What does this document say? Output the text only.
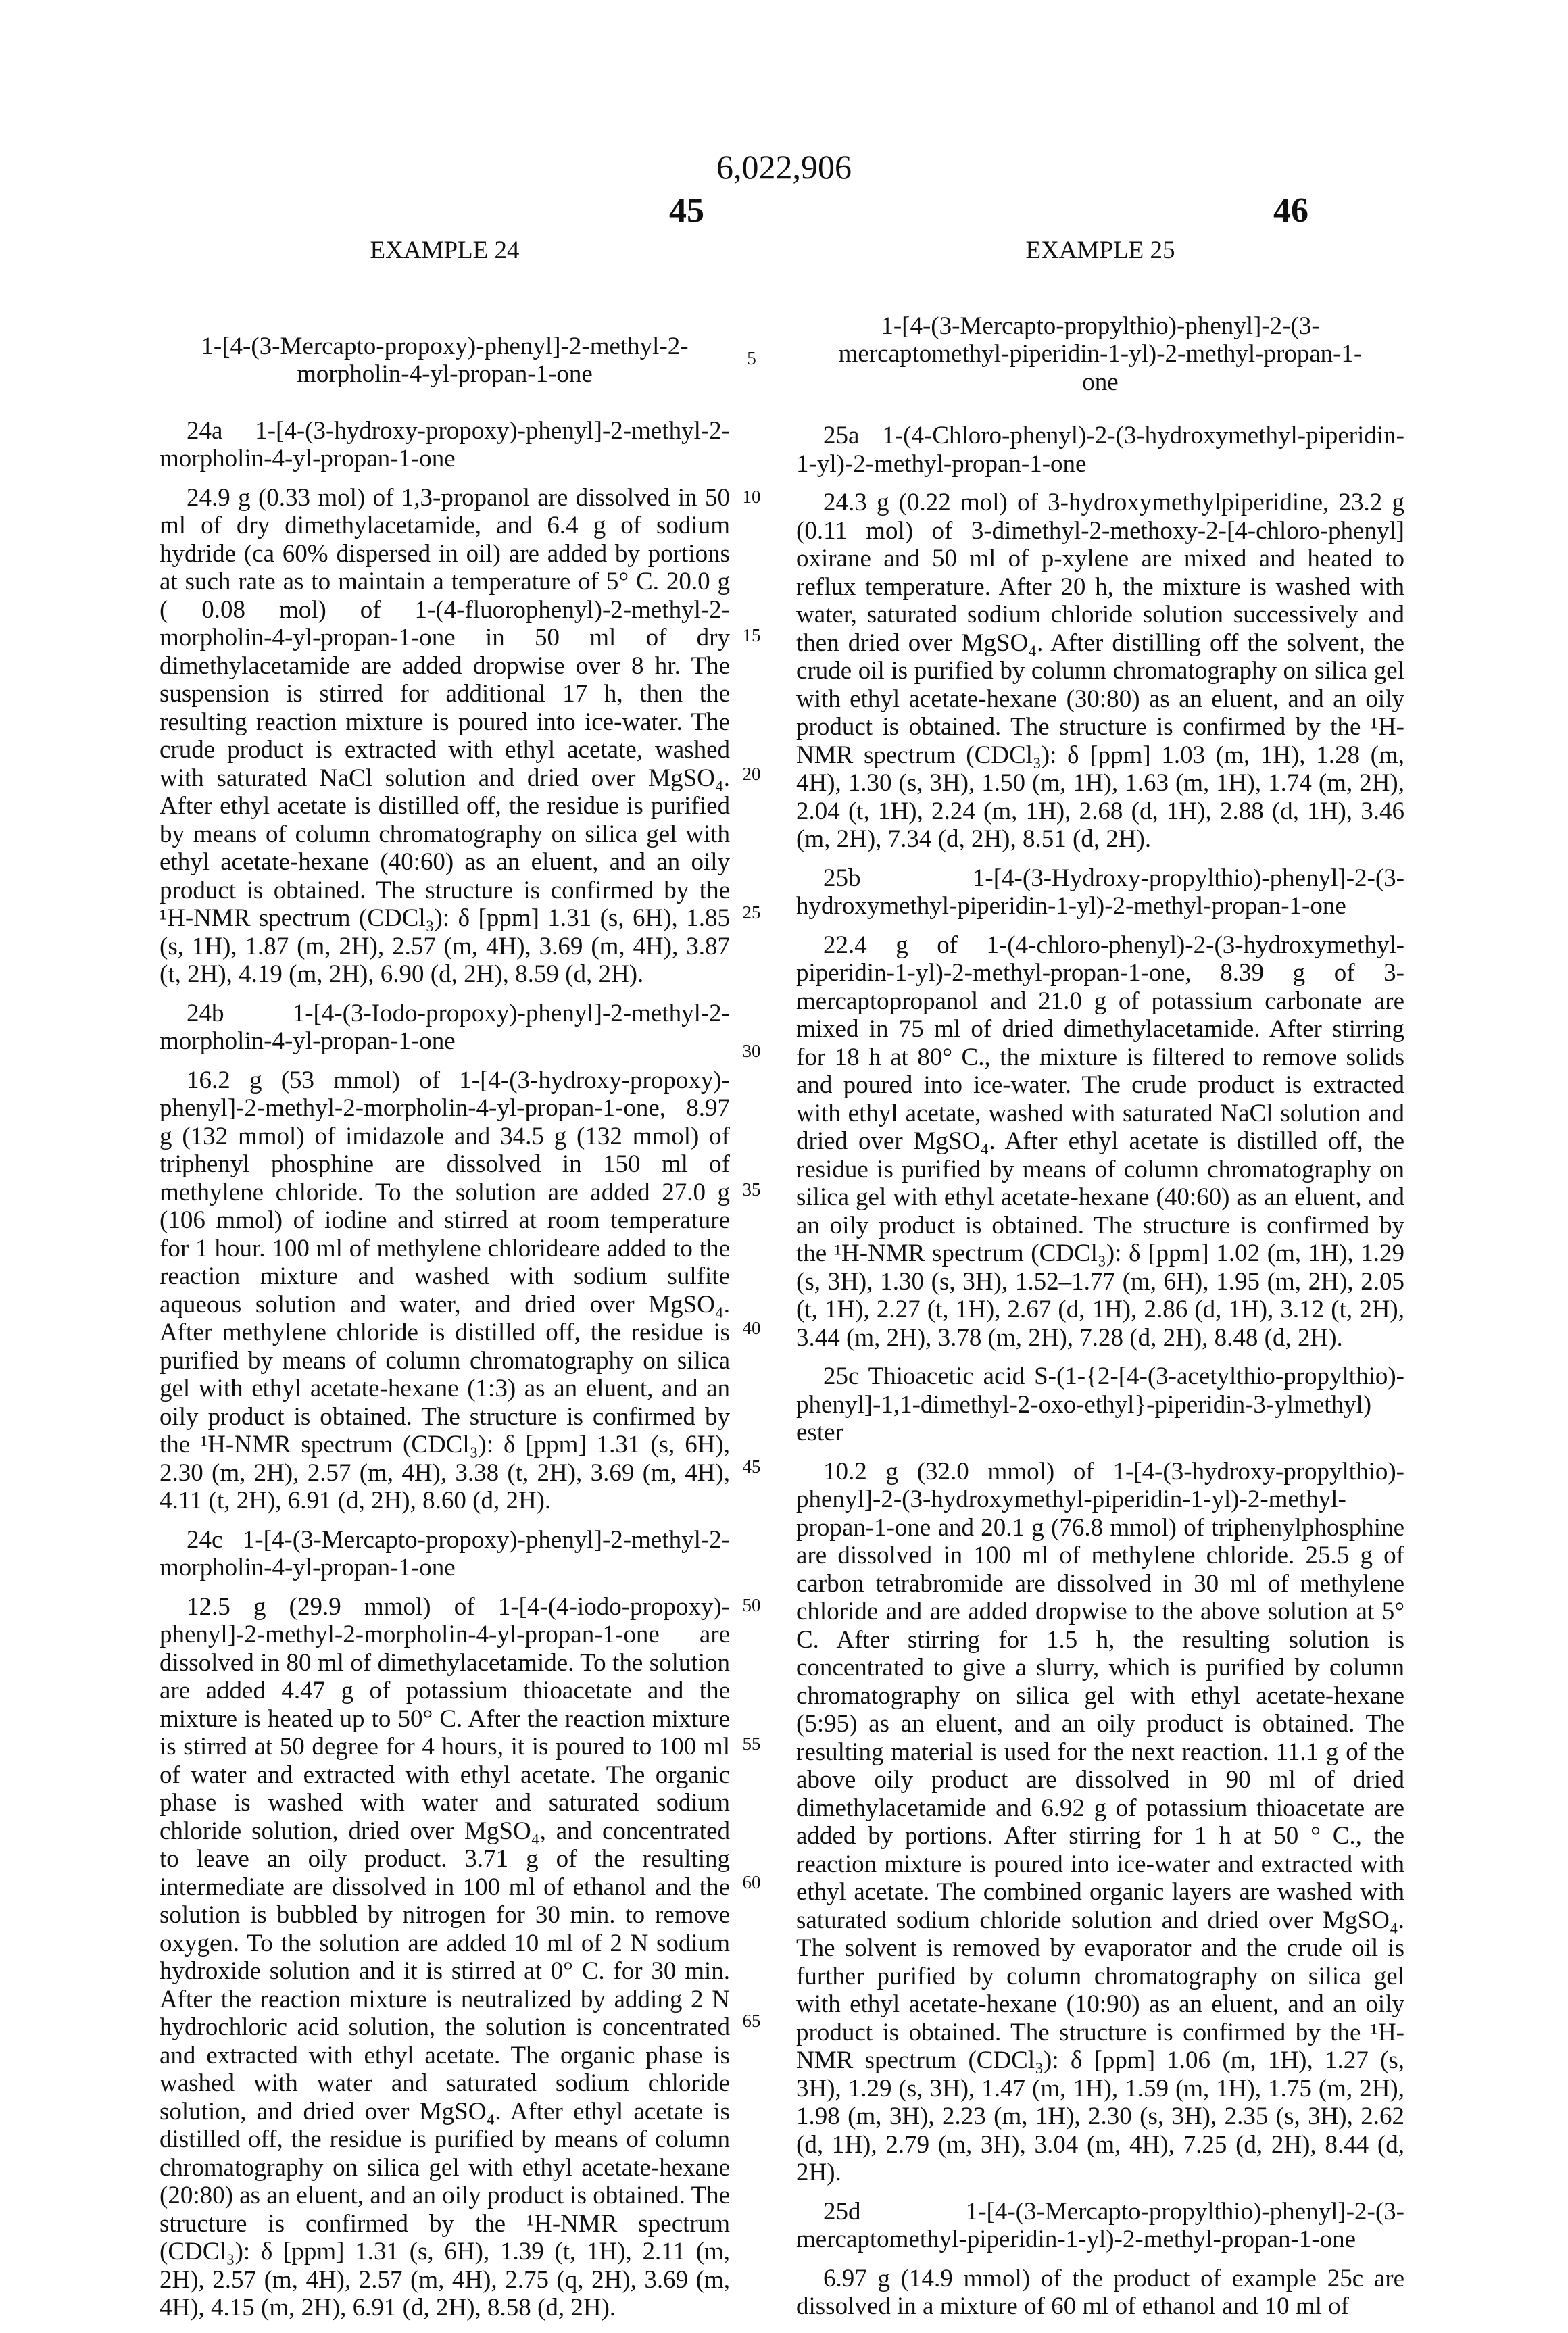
6,022,906
45	46
EXAMPLE 24
1-[4-(3-Mercapto-propoxy)-phenyl]-2-methyl-2-morpholin-4-yl-propan-1-one
24a 1-[4-(3-hydroxy-propoxy)-phenyl]-2-methyl-2-morpholin-4-yl-propan-1-one

24.9 g (0.33 mol) of 1,3-propanol are dissolved in 50 ml of dry dimethylacetamide, and 6.4 g of sodium hydride (ca 60% dispersed in oil) are added by portions at such rate as to maintain a temperature of 5° C. 20.0 g ( 0.08 mol) of 1-(4-fluorophenyl)-2-methyl-2-morpholin-4-yl-propan-1-one in 50 ml of dry dimethylacetamide are added dropwise over 8 hr. The suspension is stirred for additional 17 h, then the resulting reaction mixture is poured into ice-water. The crude product is extracted with ethyl acetate, washed with saturated NaCl solution and dried over MgSO₄. After ethyl acetate is distilled off, the residue is purified by means of column chromatography on silica gel with ethyl acetate-hexane (40:60) as an eluent, and an oily product is obtained. The structure is confirmed by the ¹H-NMR spectrum (CDCl₃): δ [ppm] 1.31 (s, 6H), 1.85 (s, 1H), 1.87 (m, 2H), 2.57 (m, 4H), 3.69 (m, 4H), 3.87 (t, 2H), 4.19 (m, 2H), 6.90 (d, 2H), 8.59 (d, 2H).

24b 1-[4-(3-Iodo-propoxy)-phenyl]-2-methyl-2-morpholin-4-yl-propan-1-one

16.2 g (53 mmol) of 1-[4-(3-hydroxy-propoxy)-phenyl]-2-methyl-2-morpholin-4-yl-propan-1-one, 8.97 g (132 mmol) of imidazole and 34.5 g (132 mmol) of triphenyl phosphine are dissolved in 150 ml of methylene chloride. To the solution are added 27.0 g (106 mmol) of iodine and stirred at room temperature for 1 hour. 100 ml of methylene chlorideare added to the reaction mixture and washed with sodium sulfite aqueous solution and water, and dried over MgSO₄. After methylene chloride is distilled off, the residue is purified by means of column chromatography on silica gel with ethyl acetate-hexane (1:3) as an eluent, and an oily product is obtained. The structure is confirmed by the ¹H-NMR spectrum (CDCl₃): δ [ppm] 1.31 (s, 6H), 2.30 (m, 2H), 2.57 (m, 4H), 3.38 (t, 2H), 3.69 (m, 4H), 4.11 (t, 2H), 6.91 (d, 2H), 8.60 (d, 2H).

24c 1-[4-(3-Mercapto-propoxy)-phenyl]-2-methyl-2-morpholin-4-yl-propan-1-one

12.5 g (29.9 mmol) of 1-[4-(4-iodo-propoxy)-phenyl]-2-methyl-2-morpholin-4-yl-propan-1-one are dissolved in 80 ml of dimethylacetamide. To the solution are added 4.47 g of potassium thioacetate and the mixture is heated up to 50° C. After the reaction mixture is stirred at 50 degree for 4 hours, it is poured to 100 ml of water and extracted with ethyl acetate. The organic phase is washed with water and saturated sodium chloride solution, dried over MgSO₄, and concentrated to leave an oily product. 3.71 g of the resulting intermediate are dissolved in 100 ml of ethanol and the solution is bubbled by nitrogen for 30 min. to remove oxygen. To the solution are added 10 ml of 2 N sodium hydroxide solution and it is stirred at 0° C. for 30 min. After the reaction mixture is neutralized by adding 2 N hydrochloric acid solution, the solution is concentrated and extracted with ethyl acetate. The organic phase is washed with water and saturated sodium chloride solution, and dried over MgSO₄. After ethyl acetate is distilled off, the residue is purified by means of column chromatography on silica gel with ethyl acetate-hexane (20:80) as an eluent, and an oily product is obtained. The structure is confirmed by the ¹H-NMR spectrum (CDCl₃): δ [ppm] 1.31 (s, 6H), 1.39 (t, 1H), 2.11 (m, 2H), 2.57 (m, 4H), 2.57 (m, 4H), 2.75 (q, 2H), 3.69 (m, 4H), 4.15 (m, 2H), 6.91 (d, 2H), 8.58 (d, 2H).

EXAMPLE 25
1-[4-(3-Mercapto-propylthio)-phenyl]-2-(3-mercaptomethyl-piperidin-1-yl)-2-methyl-propan-1-one
25a 1-(4-Chloro-phenyl)-2-(3-hydroxymethyl-piperidin-1-yl)-2-methyl-propan-1-one

24.3 g (0.22 mol) of 3-hydroxymethylpiperidine, 23.2 g (0.11 mol) of 3-dimethyl-2-methoxy-2-[4-chloro-phenyl] oxirane and 50 ml of p-xylene are mixed and heated to reflux temperature. After 20 h, the mixture is washed with water, saturated sodium chloride solution successively and then dried over MgSO₄. After distilling off the solvent, the crude oil is purified by column chromatography on silica gel with ethyl acetate-hexane (30:80) as an eluent, and an oily product is obtained. The structure is confirmed by the ¹H-NMR spectrum (CDCl₃): δ [ppm] 1.03 (m, 1H), 1.28 (m, 4H), 1.30 (s, 3H), 1.50 (m, 1H), 1.63 (m, 1H), 1.74 (m, 2H), 2.04 (t, 1H), 2.24 (m, 1H), 2.68 (d, 1H), 2.88 (d, 1H), 3.46 (m, 2H), 7.34 (d, 2H), 8.51 (d, 2H).

25b 1-[4-(3-Hydroxy-propylthio)-phenyl]-2-(3-hydroxymethyl-piperidin-1-yl)-2-methyl-propan-1-one

22.4 g of 1-(4-chloro-phenyl)-2-(3-hydroxymethyl-piperidin-1-yl)-2-methyl-propan-1-one, 8.39 g of 3-mercaptopropanol and 21.0 g of potassium carbonate are mixed in 75 ml of dried dimethylacetamide. After stirring for 18 h at 80° C., the mixture is filtered to remove solids and poured into ice-water. The crude product is extracted with ethyl acetate, washed with saturated NaCl solution and dried over MgSO₄. After ethyl acetate is distilled off, the residue is purified by means of column chromatography on silica gel with ethyl acetate-hexane (40:60) as an eluent, and an oily product is obtained. The structure is confirmed by the ¹H-NMR spectrum (CDCl₃): δ [ppm] 1.02 (m, 1H), 1.29 (s, 3H), 1.30 (s, 3H), 1.52–1.77 (m, 6H), 1.95 (m, 2H), 2.05 (t, 1H), 2.27 (t, 1H), 2.67 (d, 1H), 2.86 (d, 1H), 3.12 (t, 2H), 3.44 (m, 2H), 3.78 (m, 2H), 7.28 (d, 2H), 8.48 (d, 2H).

25c Thioacetic acid S-(1-{2-[4-(3-acetylthio-propylthio)-phenyl]-1,1-dimethyl-2-oxo-ethyl}-piperidin-3-ylmethyl) ester

10.2 g (32.0 mmol) of 1-[4-(3-hydroxy-propylthio)-phenyl]-2-(3-hydroxymethyl-piperidin-1-yl)-2-methyl-propan-1-one and 20.1 g (76.8 mmol) of triphenylphosphine are dissolved in 100 ml of methylene chloride. 25.5 g of carbon tetrabromide are dissolved in 30 ml of methylene chloride and are added dropwise to the above solution at 5° C. After stirring for 1.5 h, the resulting solution is concentrated to give a slurry, which is purified by column chromatography on silica gel with ethyl acetate-hexane (5:95) as an eluent, and an oily product is obtained. The resulting material is used for the next reaction. 11.1 g of the above oily product are dissolved in 90 ml of dried dimethylacetamide and 6.92 g of potassium thioacetate are added by portions. After stirring for 1 h at 50 ° C., the reaction mixture is poured into ice-water and extracted with ethyl acetate. The combined organic layers are washed with saturated sodium chloride solution and dried over MgSO₄. The solvent is removed by evaporator and the crude oil is further purified by column chromatography on silica gel with ethyl acetate-hexane (10:90) as an eluent, and an oily product is obtained. The structure is confirmed by the ¹H-NMR spectrum (CDCl₃): δ [ppm] 1.06 (m, 1H), 1.27 (s, 3H), 1.29 (s, 3H), 1.47 (m, 1H), 1.59 (m, 1H), 1.75 (m, 2H), 1.98 (m, 3H), 2.23 (m, 1H), 2.30 (s, 3H), 2.35 (s, 3H), 2.62 (d, 1H), 2.79 (m, 3H), 3.04 (m, 4H), 7.25 (d, 2H), 8.44 (d, 2H).

25d 1-[4-(3-Mercapto-propylthio)-phenyl]-2-(3-mercaptomethyl-piperidin-1-yl)-2-methyl-propan-1-one

6.97 g (14.9 mmol) of the product of example 25c are dissolved in a mixture of 60 ml of ethanol and 10 ml of

5
10
15
20
25
30
35
40
45
50
55
60
65
